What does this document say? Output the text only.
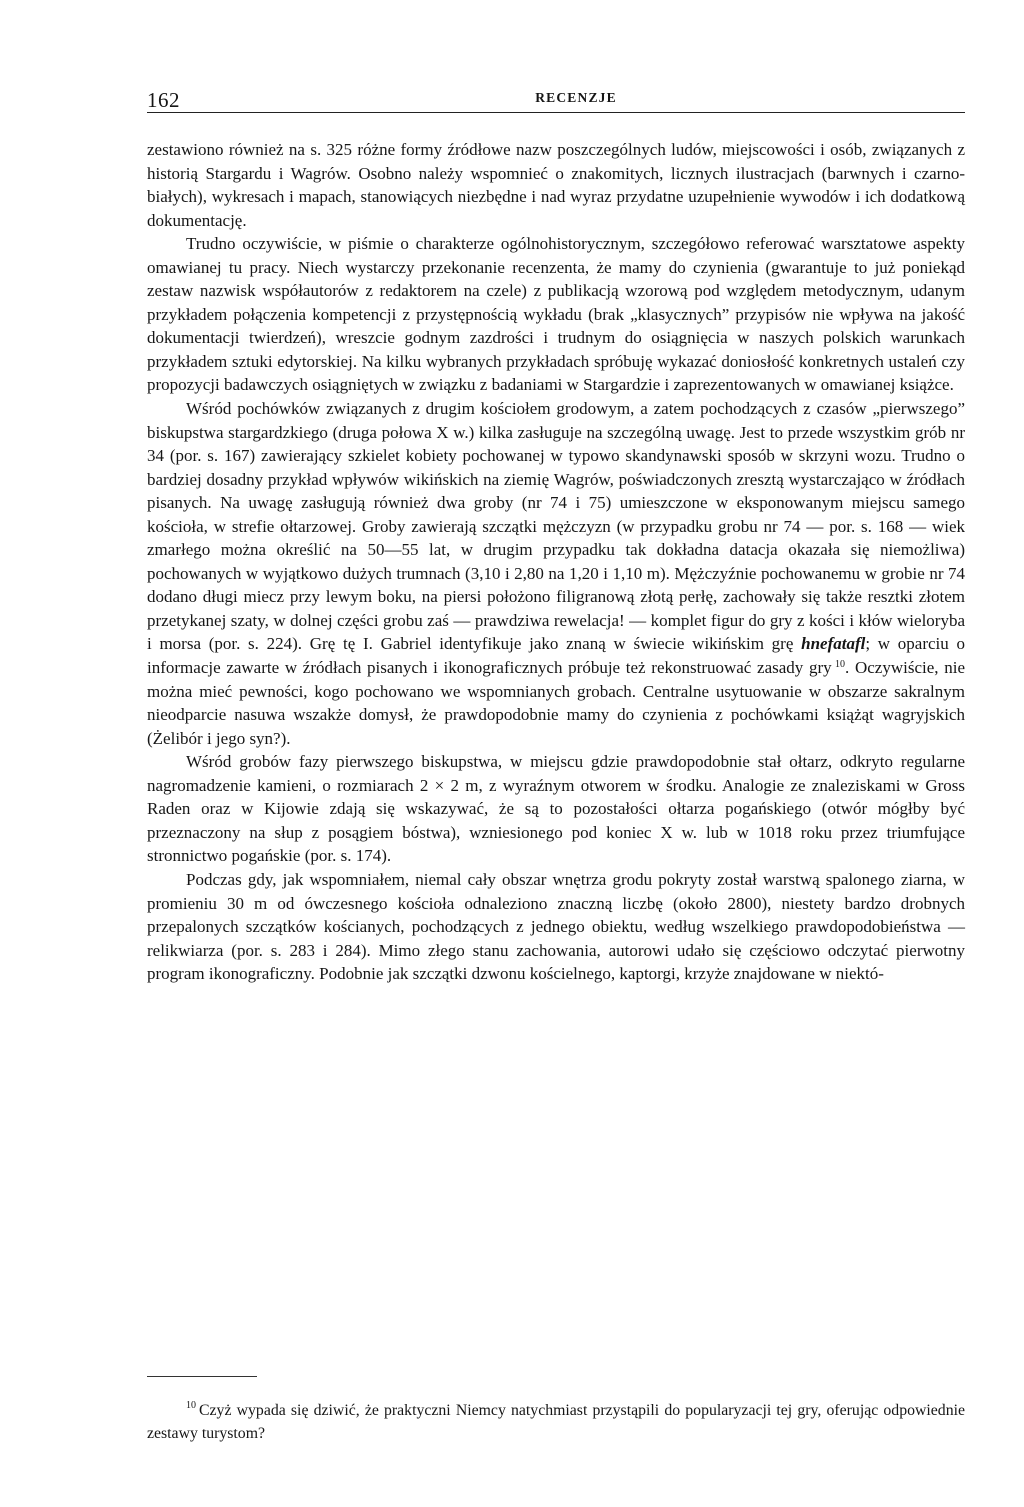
162	RECENZJE

zestawiono również na s. 325 różne formy źródłowe nazw poszczególnych ludów, miejscowości i osób, związanych z historią Stargardu i Wagrów. Osobno należy wspomnieć o znakomitych, licznych ilustracjach (barwnych i czarno-białych), wykresach i mapach, stanowiących niezbędne i nad wyraz przydatne uzupełnienie wywodów i ich dodatkową dokumentację.

Trudno oczywiście, w piśmie o charakterze ogólnohistorycznym, szczegółowo referować warsztatowe aspekty omawianej tu pracy. Niech wystarczy przekonanie recenzenta, że mamy do czynienia (gwarantuje to już poniekąd zestaw nazwisk współautorów z redaktorem na czele) z publikacją wzorową pod względem metodycznym, udanym przykładem połączenia kompetencji z przystępnością wykładu (brak „klasycznych” przypisów nie wpływa na jakość dokumentacji twierdzeń), wreszcie godnym zazdrości i trudnym do osiągnięcia w naszych polskich warunkach przykładem sztuki edytorskiej. Na kilku wybranych przykładach spróbuję wykazać doniosłość konkretnych ustaleń czy propozycji badawczych osiągniętych w związku z badaniami w Stargardzie i zaprezentowanych w omawianej książce.

Wśród pochówków związanych z drugim kościołem grodowym, a zatem pochodzących z czasów „pierwszego” biskupstwa stargardzkiego (druga połowa X w.) kilka zasługuje na szczególną uwagę. Jest to przede wszystkim grób nr 34 (por. s. 167) zawierający szkielet kobiety pochowanej w typowo skandynawski sposób w skrzyni wozu. Trudno o bardziej dosadny przykład wpływów wikińskich na ziemię Wagrów, poświadczonych zresztą wystarczająco w źródłach pisanych. Na uwagę zasługują również dwa groby (nr 74 i 75) umieszczone w eksponowanym miejscu samego kościoła, w strefie ołtarzowej. Groby zawierają szczątki mężczyzn (w przypadku grobu nr 74 — por. s. 168 — wiek zmarłego można określić na 50—55 lat, w drugim przypadku tak dokładna datacja okazała się niemożliwa) pochowanych w wyjątkowo dużych trumnach (3,10 i 2,80 na 1,20 i 1,10 m). Mężczyźnie pochowanemu w grobie nr 74 dodano długi miecz przy lewym boku, na piersi położono filigranową złotą perłę, zachowały się także resztki złotem przetykanej szaty, w dolnej części grobu zaś — prawdziwa rewelacja! — komplet figur do gry z kości i kłów wieloryba i morsa (por. s. 224). Grę tę I. Gabriel identyfikuje jako znaną w świecie wikińskim grę hnefatafl; w oparciu o informacje zawarte w źródłach pisanych i ikonograficznych próbuje też rekonstruować zasady gry  $^{10}$. Oczywiście, nie można mieć pewności, kogo pochowano we wspomnianych grobach. Centralne usytuowanie w obszarze sakralnym nieodparcie nasuwa wszakże domysł, że prawdopodobnie mamy do czynienia z pochówkami książąt wagryjskich (Żelibór i jego syn?).

Wśród grobów fazy pierwszego biskupstwa, w miejscu gdzie prawdopodobnie stał ołtarz, odkryto regularne nagromadzenie kamieni, o rozmiarach 2 × 2 m, z wyraźnym otworem w środku. Analogie ze znaleziskami w Gross Raden oraz w Kijowie zdają się wskazywać, że są to pozostałości ołtarza pogańskiego (otwór mógłby być przeznaczony na słup z posągiem bóstwa), wzniesionego pod koniec X w. lub w 1018 roku przez triumfujące stronnictwo pogańskie (por. s. 174).

Podczas gdy, jak wspomniałem, niemal cały obszar wnętrza grodu pokryty został warstwą spalonego ziarna, w promieniu 30 m od ówczesnego kościoła odnaleziono znaczną liczbę (około 2800), niestety bardzo drobnych przepalonych szczątków kościanych, pochodzących z jednego obiektu, według wszelkiego prawdopodobieństwa — relikwiarza (por. s. 283 i 284). Mimo złego stanu zachowania, autorowi udało się częściowo odczytać pierwotny program ikonograficzny. Podobnie jak szczątki dzwonu kościelnego, kaptorgi, krzyże znajdowane w niektó-

$^{10}$ Czyż wypada się dziwić, że praktyczni Niemcy natychmiast przystąpili do popularyzacji tej gry, oferując odpowiednie zestawy turystom?
